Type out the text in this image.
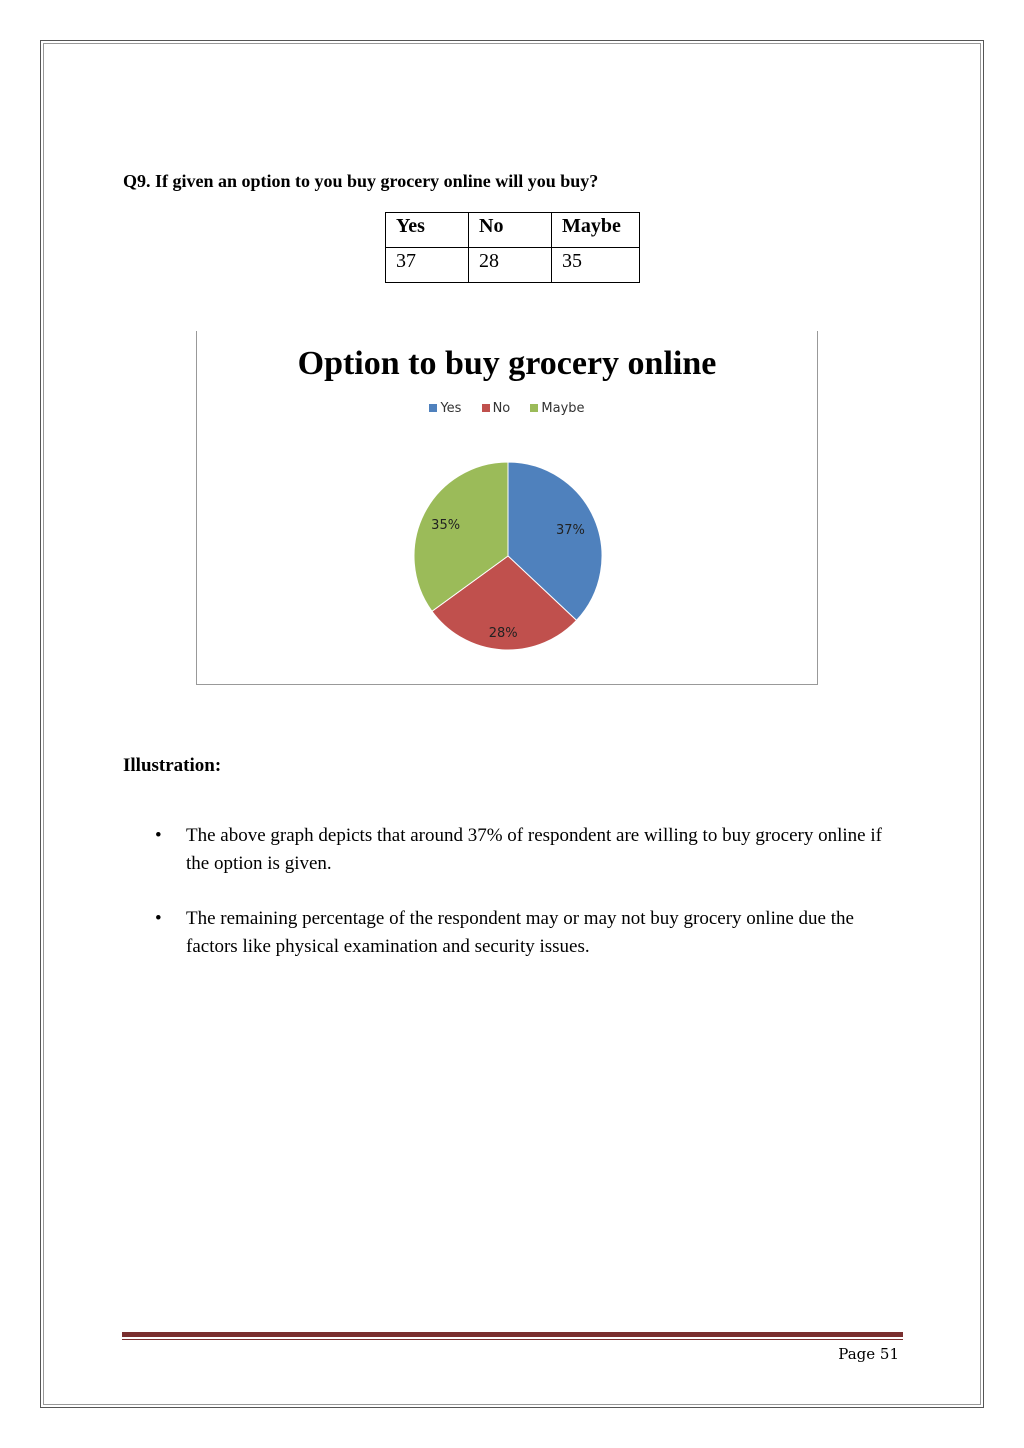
Q9. If given an option to you buy grocery online will you buy?
Yes	No	Maybe
37	28	35
Option to buy grocery online
Yes No Maybe
37%
28%
35%
Illustration:
• The above graph depicts that around 37% of respondent are willing to buy grocery online if the option is given.
• The remaining percentage of the respondent may or may not buy grocery online due the factors like physical examination and security issues.
Page 51
